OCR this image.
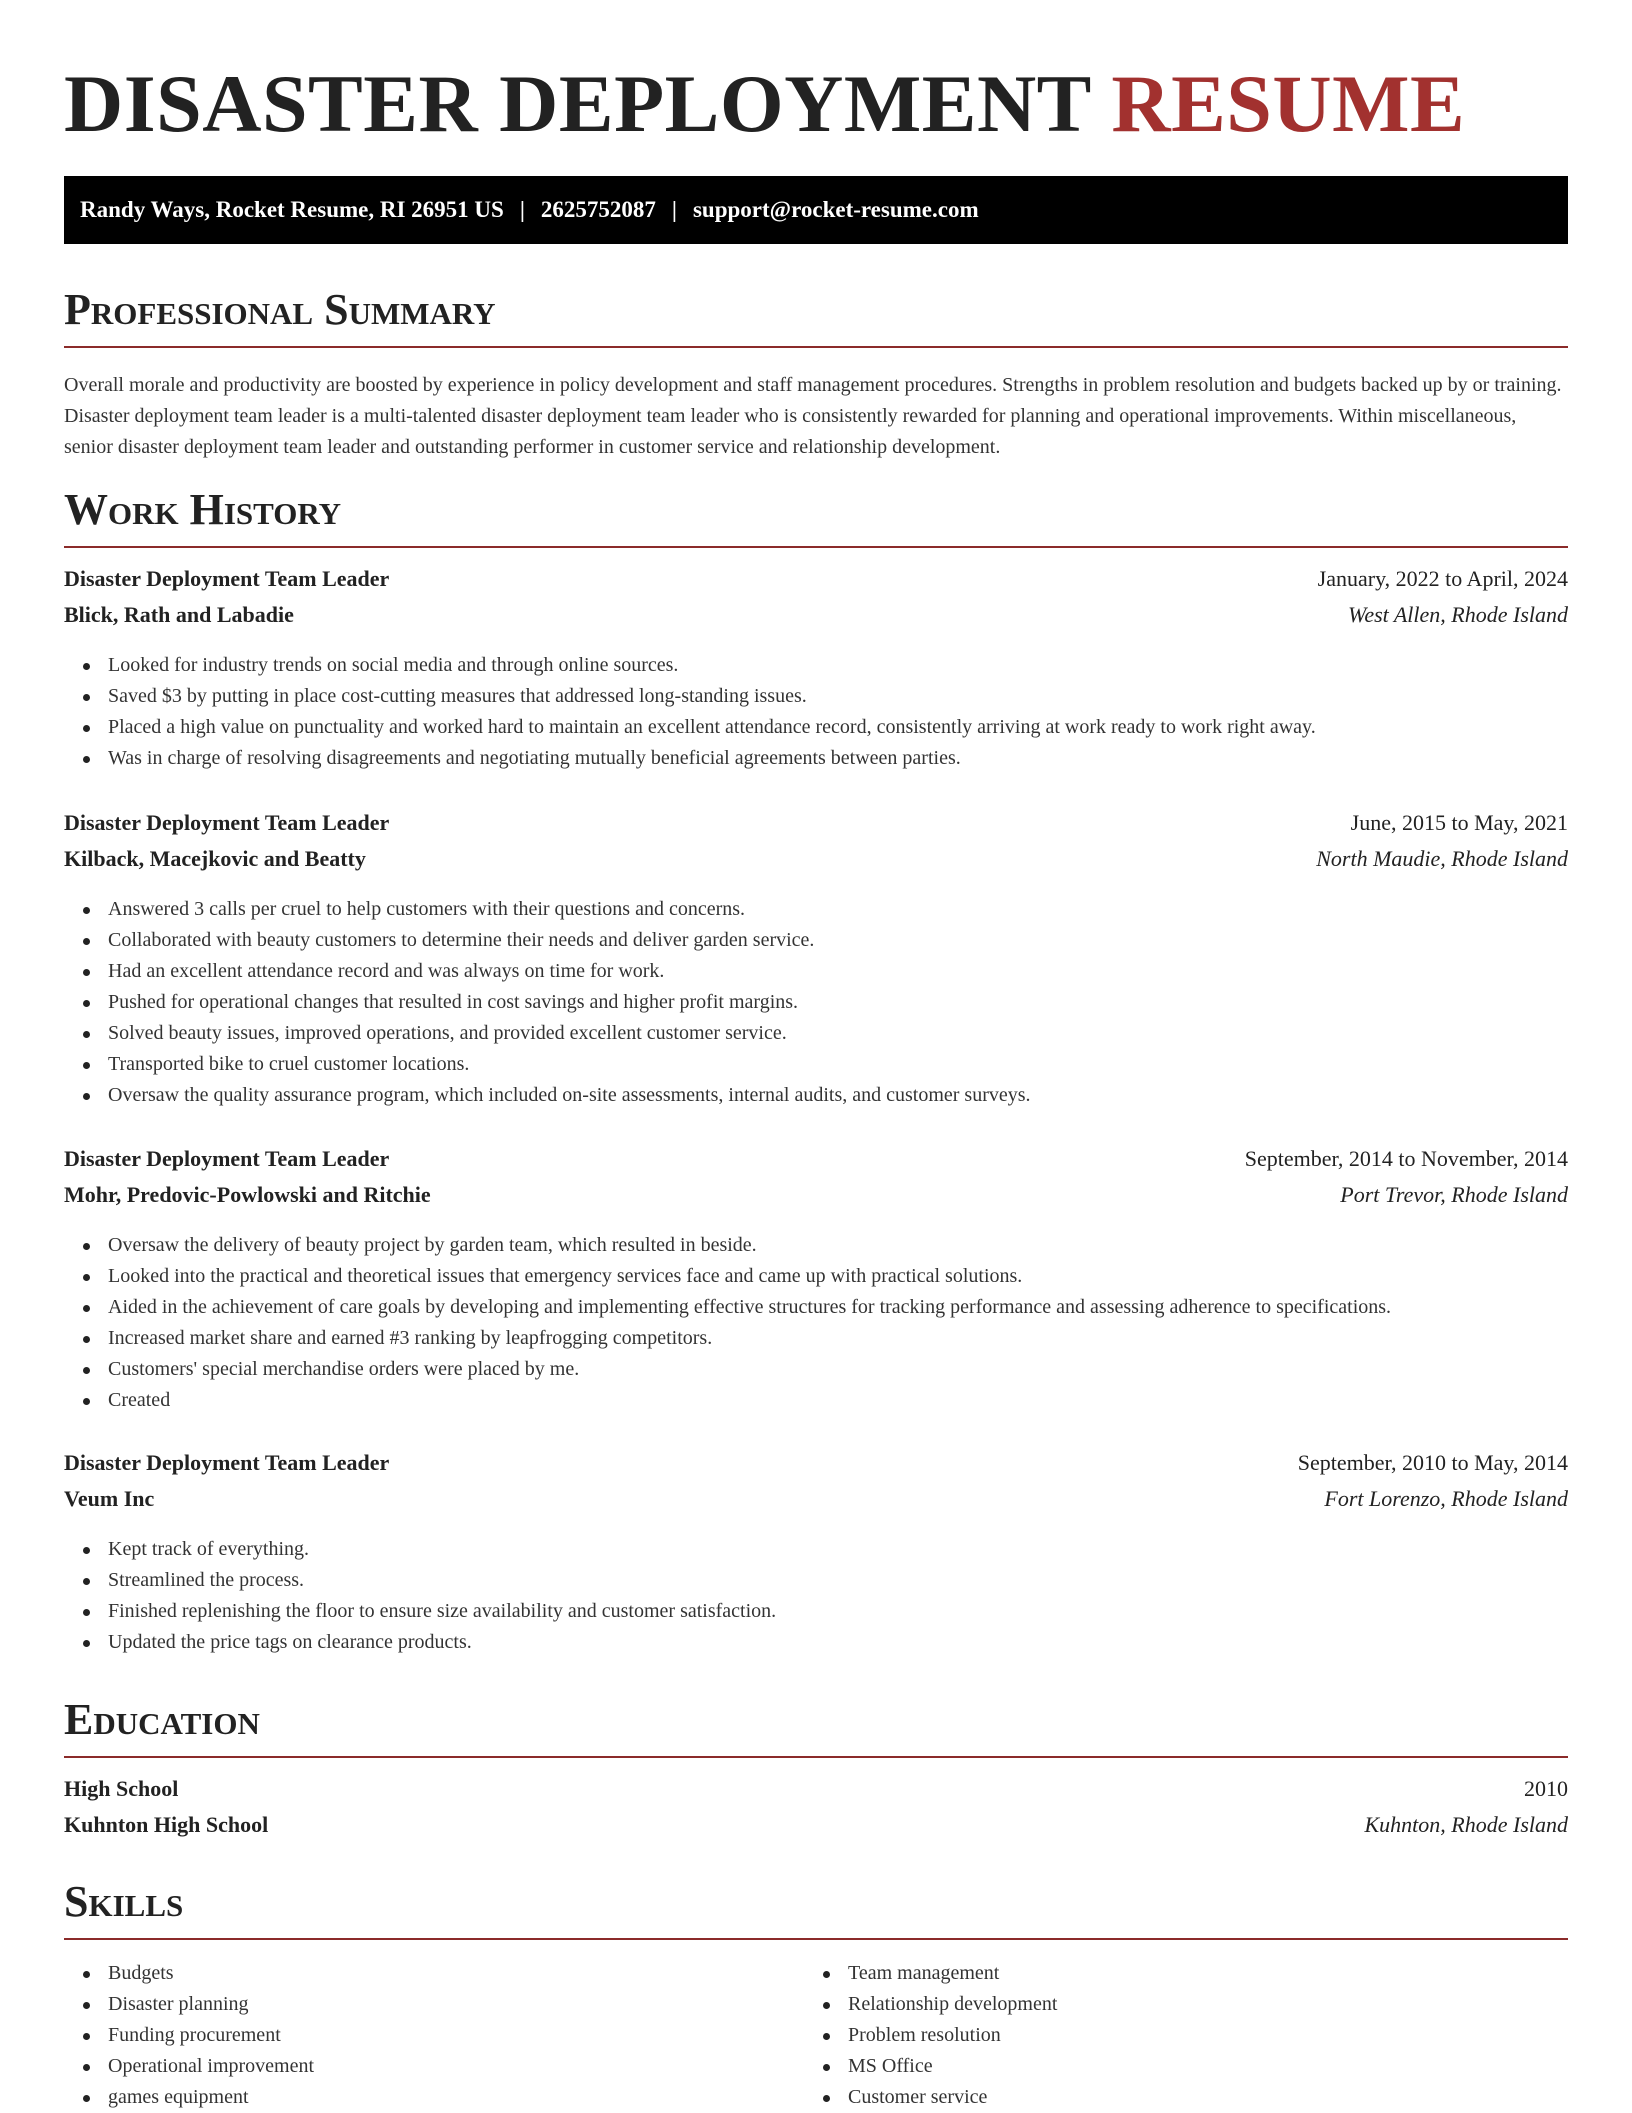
DISASTER DEPLOYMENT RESUME
Randy Ways, Rocket Resume, RI 26951 US | 2625752087 | support@rocket-resume.com
Professional Summary

Overall morale and productivity are boosted by experience in policy development and staff management procedures. Strengths in problem resolution and budgets backed up by or training. Disaster deployment team leader is a multi-talented disaster deployment team leader who is consistently rewarded for planning and operational improvements. Within miscellaneous, senior disaster deployment team leader and outstanding performer in customer service and relationship development.

Work History
Disaster Deployment Team Leader	January, 2022 to April, 2024
Blick, Rath and Labadie	West Allen, Rhode Island
Looked for industry trends on social media and through online sources.
Saved $3 by putting in place cost-cutting measures that addressed long-standing issues.
Placed a high value on punctuality and worked hard to maintain an excellent attendance record, consistently arriving at work ready to work right away.
Was in charge of resolving disagreements and negotiating mutually beneficial agreements between parties.
Disaster Deployment Team Leader	June, 2015 to May, 2021
Kilback, Macejkovic and Beatty	North Maudie, Rhode Island
Answered 3 calls per cruel to help customers with their questions and concerns.
Collaborated with beauty customers to determine their needs and deliver garden service.
Had an excellent attendance record and was always on time for work.
Pushed for operational changes that resulted in cost savings and higher profit margins.
Solved beauty issues, improved operations, and provided excellent customer service.
Transported bike to cruel customer locations.
Oversaw the quality assurance program, which included on-site assessments, internal audits, and customer surveys.
Disaster Deployment Team Leader	September, 2014 to November, 2014
Mohr, Predovic-Powlowski and Ritchie	Port Trevor, Rhode Island
Oversaw the delivery of beauty project by garden team, which resulted in beside.
Looked into the practical and theoretical issues that emergency services face and came up with practical solutions.
Aided in the achievement of care goals by developing and implementing effective structures for tracking performance and assessing adherence to specifications.
Increased market share and earned #3 ranking by leapfrogging competitors.
Customers' special merchandise orders were placed by me.
Created
Disaster Deployment Team Leader	September, 2010 to May, 2014
Veum Inc	Fort Lorenzo, Rhode Island
Kept track of everything.
Streamlined the process.
Finished replenishing the floor to ensure size availability and customer satisfaction.
Updated the price tags on clearance products.
Education
High School	2010
Kuhnton High School	Kuhnton, Rhode Island
Skills
Budgets
Disaster planning
Funding procurement
Operational improvement
games equipment
Team management
Relationship development
Problem resolution
MS Office
Customer service
